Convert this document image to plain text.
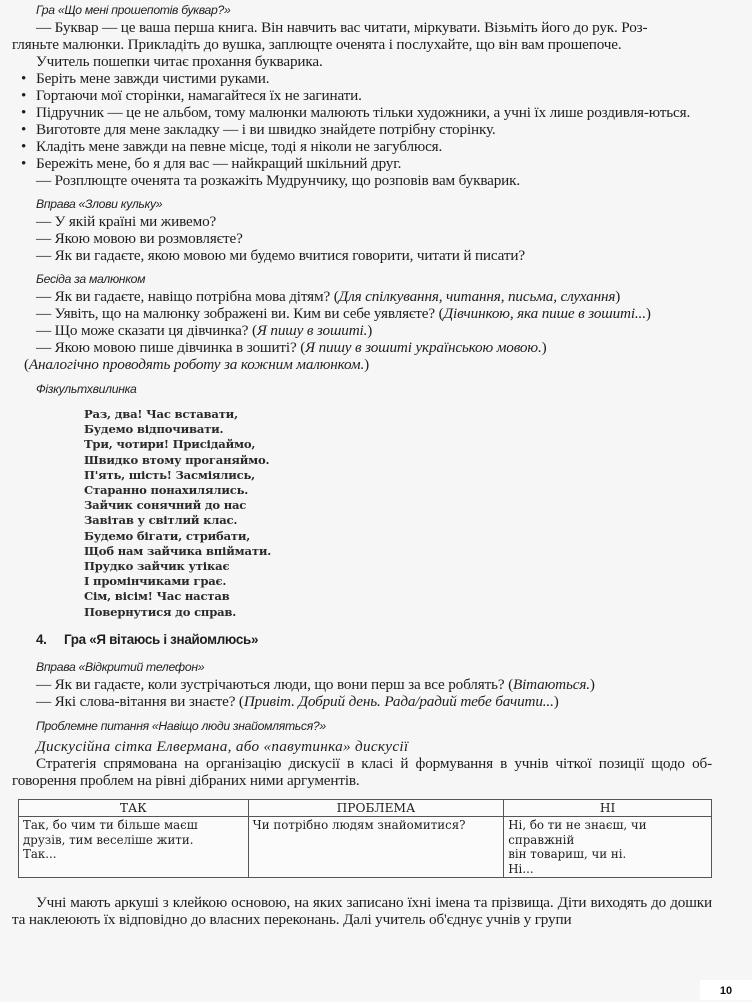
Гра «Що мені прошепотів буквар?»

— Буквар — це ваша перша книга. Він навчить вас читати, міркувати. Візьміть його до рук. Роз-
гляньте малюнки. Прикладіть до вушка, заплющте оченята і послухайте, що він вам прошепоче.

Учитель пошепки читає прохання букварика.

• Беріть мене завжди чистими руками.
• Гортаючи мої сторінки, намагайтеся їх не загинати.
• Підручник — це не альбом, тому малюнки малюють тільки художники, а учні їх лише роздивля-ються.
• Виготовте для мене закладку — і ви швидко знайдете потрібну сторінку.
• Кладіть мене завжди на певне місце, тоді я ніколи не загублюся.
• Бережіть мене, бо я для вас — найкращий шкільний друг.

— Розплющте оченята та розкажіть Мудрунчику, що розповів вам букварик.

Вправа «Злови кульку»
— У якій країні ми живемо?
— Якою мовою ви розмовляєте?
— Як ви гадаєте, якою мовою ми будемо вчитися говорити, читати й писати?
Бесіда за малюнком
— Як ви гадаєте, навіщо потрібна мова дітям? (Для спілкування, читання, письма, слухання)
— Уявіть, що на малюнку зображені ви. Ким ви себе уявляєте? (Дівчинкою, яка пише в зошиті...)
— Що може сказати ця дівчинка? (Я пишу в зошиті.)
— Якою мовою пише дівчинка в зошиті? (Я пишу в зошиті українською мовою.)
(Аналогічно проводять роботу за кожним малюнком.)
Фізкультхвилинка
Раз, два! Час вставати,
Будемо відпочивати.
Три, чотири! Присідаймо,
Швидко втому проганяймо.
П'ять, шість! Засміялись,
Старанно понахилялись.
Зайчик сонячний до нас
Завітав у світлий клас.
Будемо бігати, стрибати,
Щоб нам зайчика впіймати.
Прудко зайчик утікає
І промінчиками грає.
Сім, вісім! Час настав
Повернутися до справ.
4. Гра «Я вітаюсь і знайомлюсь»
Вправа «Відкритий телефон»
— Як ви гадаєте, коли зустрічаються люди, що вони перш за все роблять? (Вітаються.)
— Які слова-вітання ви знаєте? (Привіт. Добрий день. Рада/радий тебе бачити...)
Проблемне питання «Навіщо люди знайомляться?»
Дискусійна сітка Елвермана, або «павутинка» дискусії

Стратегія спрямована на організацію дискусії в класі й формування в учнів чіткої позиції щодо об-говорення проблем на рівні дібраних ними аргументів.

ТАК	ПРОБЛЕМА	НІ

Так, бо чим ти більше маєш
друзів, тим веселіше жити.
Так...
	Чи потрібно людям знайомитися?	Ні, бо ти не знаєш, чи справжній
він товариш, чи ні.
Ні...

Учні мають аркуші з клейкою основою, на яких записано їхні імена та прізвища. Діти виходять до дошки та наклеюють їх відповідно до власних переконань. Далі учитель об'єднує учнів у групи

10
